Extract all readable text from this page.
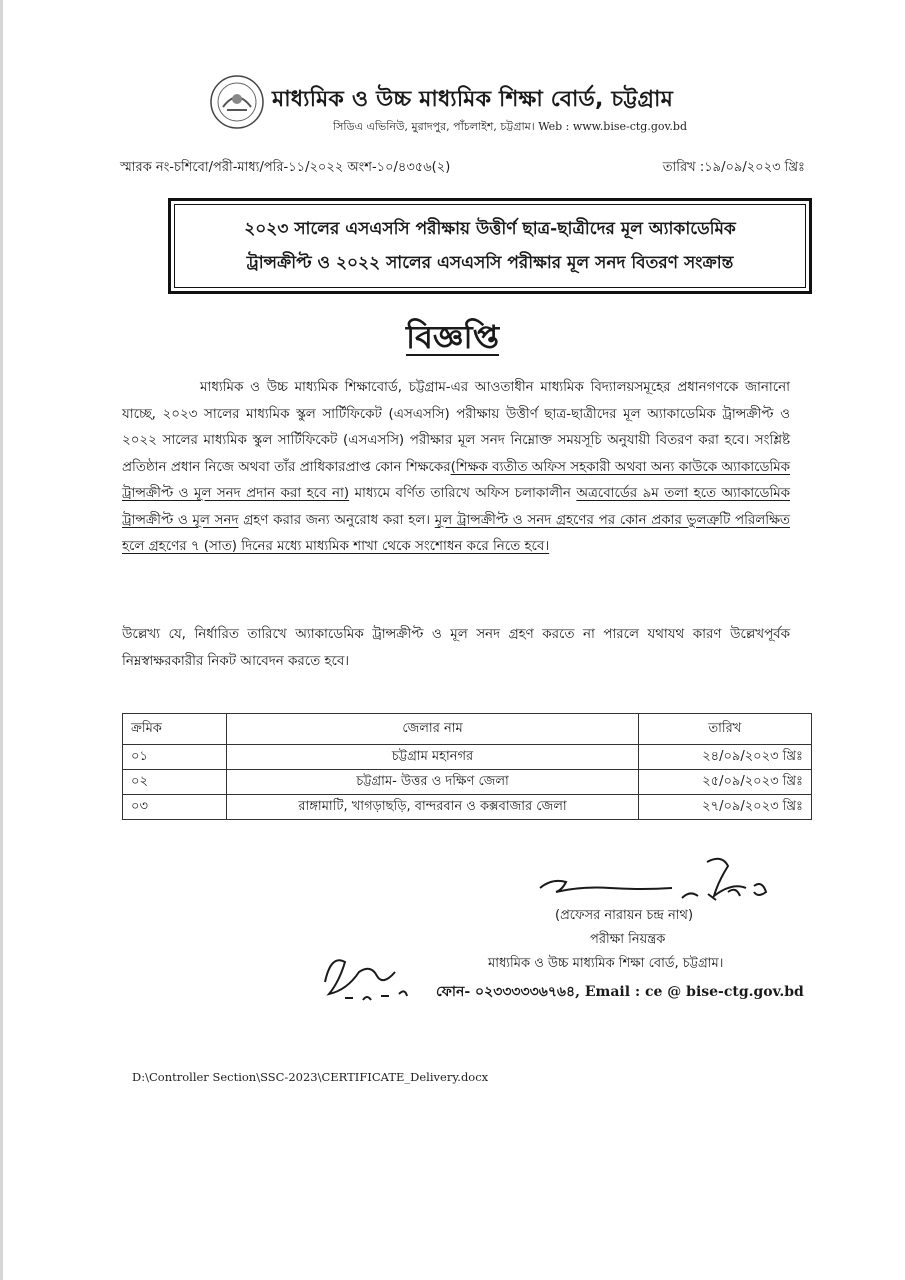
মাধ্যমিক ও উচ্চ মাধ্যমিক শিক্ষা বোর্ড, চট্টগ্রাম
সিডিএ এভিনিউ, মুরাদপুর, পাঁচলাইশ, চট্টগ্রাম। Web : www.bise-ctg.gov.bd
স্মারক নং-চশিবো/পরী-মাধ্য/পরি-১১/২০২২ অংশ-১০/৪৩৫৬(২)	তারিখ :১৯/০৯/২০২৩ খ্রিঃ
২০২৩ সালের এসএসসি পরীক্ষায় উত্তীর্ণ ছাত্র-ছাত্রীদের মূল অ্যাকাডেমিক
ট্রান্সক্রীপ্ট ও ২০২২ সালের এসএসসি পরীক্ষার মূল সনদ বিতরণ সংক্রান্ত
বিজ্ঞপ্তি
মাধ্যমিক ও উচ্চ মাধ্যমিক শিক্ষাবোর্ড, চট্টগ্রাম-এর আওতাধীন মাধ্যমিক বিদ্যালয়সমূহের প্রধানগণকে জানানো যাচ্ছে, ২০২৩ সালের মাধ্যমিক স্কুল সার্টিফিকেট (এসএসসি) পরীক্ষায় উত্তীর্ণ ছাত্র-ছাত্রীদের মূল অ্যাকাডেমিক ট্রান্সক্রীপ্ট ও ২০২২ সালের মাধ্যমিক স্কুল সার্টিফিকেট (এসএসসি) পরীক্ষার মূল সনদ নিম্নোক্ত সময়সূচি অনুযায়ী বিতরণ করা হবে। সংশ্লিষ্ট প্রতিষ্ঠান প্রধান নিজে অথবা তাঁর প্রাধিকারপ্রাপ্ত কোন শিক্ষকের(শিক্ষক ব্যতীত অফিস সহকারী অথবা অন্য কাউকে অ্যাকাডেমিক ট্রান্সক্রীপ্ট ও মূল সনদ প্রদান করা হবে না) মাধ্যমে বর্ণিত তারিখে অফিস চলাকালীন অত্রবোর্ডের ৯ম তলা হতে অ্যাকাডেমিক ট্রান্সক্রীপ্ট ও মূল সনদ গ্রহণ করার জন্য অনুরোধ করা হল। মূল ট্রান্সক্রীপ্ট ও সনদ গ্রহণের পর কোন প্রকার ভুলত্রুটি পরিলক্ষিত হলে গ্রহণের ৭ (সাত) দিনের মধ্যে মাধ্যমিক শাখা থেকে সংশোধন করে নিতে হবে।
উল্লেখ্য যে, নির্ধারিত তারিখে অ্যাকাডেমিক ট্রান্সক্রীপ্ট ও মূল সনদ গ্রহণ করতে না পারলে যথাযথ কারণ উল্লেখপূর্বক নিম্নস্বাক্ষরকারীর নিকট আবেদন করতে হবে।
ক্রমিক	জেলার নাম	তারিখ
০১	চট্টগ্রাম মহানগর	২৪/০৯/২০২৩ খ্রিঃ
০২	চট্টগ্রাম- উত্তর ও দক্ষিণ জেলা	২৫/০৯/২০২৩ খ্রিঃ
০৩	রাঙ্গামাটি, খাগড়াছড়ি, বান্দরবান ও কক্সবাজার জেলা	২৭/০৯/২০২৩ খ্রিঃ
(প্রফেসর নারায়ন চন্দ্র নাথ)
পরীক্ষা নিয়ন্ত্রক
মাধ্যমিক ও উচ্চ মাধ্যমিক শিক্ষা বোর্ড, চট্টগ্রাম।
ফোন- ০২৩৩৩৩৩৬৭৬৪, Email : ce @ bise-ctg.gov.bd
D:\Controller Section\SSC-2023\CERTIFICATE_Delivery.docx
